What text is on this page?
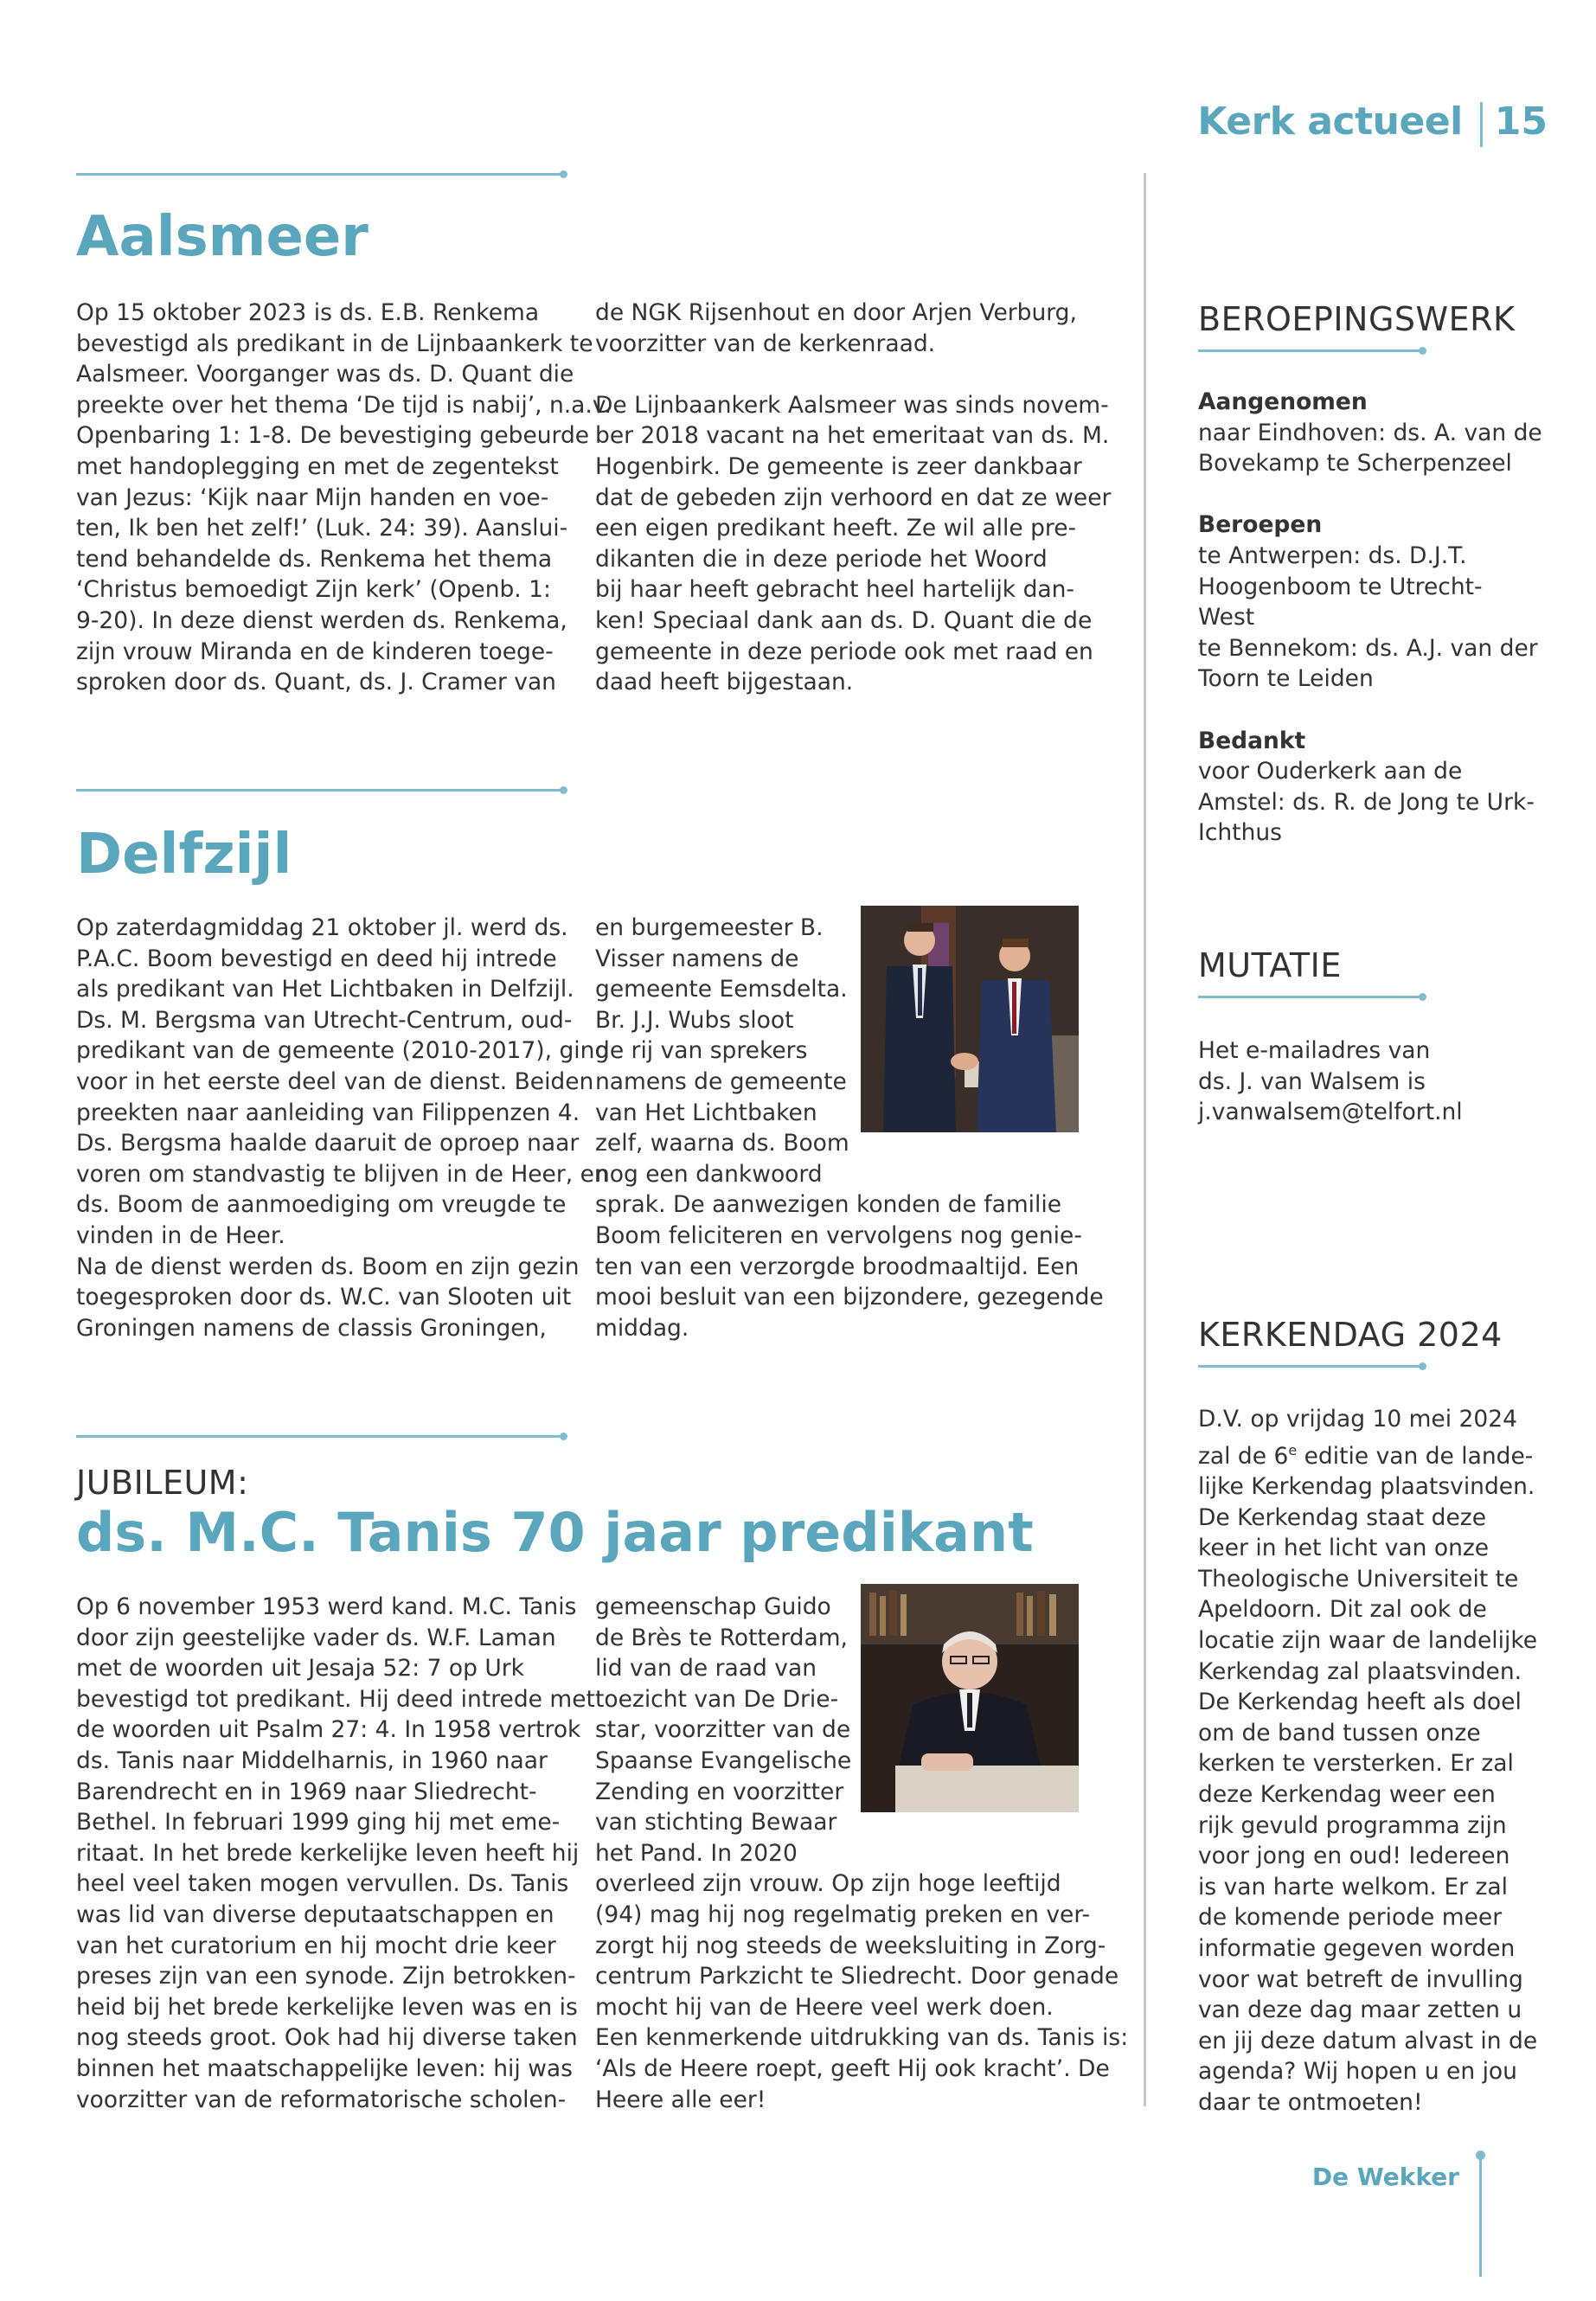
Kerk actueel 15
Aalsmeer
Op 15 oktober 2023 is ds. E.B. Renkema
bevestigd als predikant in de Lijnbaankerk te
Aalsmeer. Voorganger was ds. D. Quant die
preekte over het thema ‘De tijd is nabij’, n.a.v.
Openbaring 1: 1-8. De bevestiging gebeurde
met handoplegging en met de zegentekst
van Jezus: ‘Kijk naar Mijn handen en voe-
ten, Ik ben het zelf!’ (Luk. 24: 39). Aanslui-
tend behandelde ds. Renkema het thema
‘Christus bemoedigt Zijn kerk’ (Openb. 1:
9-20). In deze dienst werden ds. Renkema,
zijn vrouw Miranda en de kinderen toege-
sproken door ds. Quant, ds. J. Cramer van
de NGK Rijsenhout en door Arjen Verburg,
voorzitter van de kerkenraad.
De Lijnbaankerk Aalsmeer was sinds novem-
ber 2018 vacant na het emeritaat van ds. M.
Hogenbirk. De gemeente is zeer dankbaar
dat de gebeden zijn verhoord en dat ze weer
een eigen predikant heeft. Ze wil alle pre-
dikanten die in deze periode het Woord
bij haar heeft gebracht heel hartelijk dan-
ken! Speciaal dank aan ds. D. Quant die de
gemeente in deze periode ook met raad en
daad heeft bijgestaan.
Delfzijl
Op zaterdagmiddag 21 oktober jl. werd ds.
P.A.C. Boom bevestigd en deed hij intrede
als predikant van Het Lichtbaken in Delfzijl.
Ds. M. Bergsma van Utrecht-Centrum, oud-
predikant van de gemeente (2010-2017), ging
voor in het eerste deel van de dienst. Beiden
preekten naar aanleiding van Filippenzen 4.
Ds. Bergsma haalde daaruit de oproep naar
voren om standvastig te blijven in de Heer, en
ds. Boom de aanmoediging om vreugde te
vinden in de Heer.
Na de dienst werden ds. Boom en zijn gezin
toegesproken door ds. W.C. van Slooten uit
Groningen namens de classis Groningen,
en burgemeester B.
Visser namens de
gemeente Eemsdelta.
Br. J.J. Wubs sloot
de rij van sprekers
namens de gemeente
van Het Lichtbaken
zelf, waarna ds. Boom
nog een dankwoord
sprak. De aanwezigen konden de familie
Boom feliciteren en vervolgens nog genie-
ten van een verzorgde broodmaaltijd. Een
mooi besluit van een bijzondere, gezegende
middag.
JUBILEUM:
ds. M.C. Tanis 70 jaar predikant
Op 6 november 1953 werd kand. M.C. Tanis
door zijn geestelijke vader ds. W.F. Laman
met de woorden uit Jesaja 52: 7 op Urk
bevestigd tot predikant. Hij deed intrede met
de woorden uit Psalm 27: 4. In 1958 vertrok
ds. Tanis naar Middelharnis, in 1960 naar
Barendrecht en in 1969 naar Sliedrecht-
Bethel. In februari 1999 ging hij met eme-
ritaat. In het brede kerkelijke leven heeft hij
heel veel taken mogen vervullen. Ds. Tanis
was lid van diverse deputaatschappen en
van het curatorium en hij mocht drie keer
preses zijn van een synode. Zijn betrokken-
heid bij het brede kerkelijke leven was en is
nog steeds groot. Ook had hij diverse taken
binnen het maatschappelijke leven: hij was
voorzitter van de reformatorische scholen-
gemeenschap Guido
de Brès te Rotterdam,
lid van de raad van
toezicht van De Drie-
star, voorzitter van de
Spaanse Evangelische
Zending en voorzitter
van stichting Bewaar
het Pand. In 2020
overleed zijn vrouw. Op zijn hoge leeftijd
(94) mag hij nog regelmatig preken en ver-
zorgt hij nog steeds de weeksluiting in Zorg-
centrum Parkzicht te Sliedrecht. Door genade
mocht hij van de Heere veel werk doen.
Een kenmerkende uitdrukking van ds. Tanis is:
‘Als de Heere roept, geeft Hij ook kracht’. De
Heere alle eer!
BEROEPINGSWERK
Aangenomen
naar Eindhoven: ds. A. van de
Bovekamp te Scherpenzeel
Beroepen
te Antwerpen: ds. D.J.T.
Hoogenboom te Utrecht-
West
te Bennekom: ds. A.J. van der
Toorn te Leiden
Bedankt
voor Ouderkerk aan de
Amstel: ds. R. de Jong te Urk-
Ichthus
MUTATIE
Het e-mailadres van
ds. J. van Walsem is
j.vanwalsem@telfort.nl
KERKENDAG 2024
D.V. op vrijdag 10 mei 2024
zal de 6e editie van de lande-
lijke Kerkendag plaatsvinden.
De Kerkendag staat deze
keer in het licht van onze
Theologische Universiteit te
Apeldoorn. Dit zal ook de
locatie zijn waar de landelijke
Kerkendag zal plaatsvinden.
De Kerkendag heeft als doel
om de band tussen onze
kerken te versterken. Er zal
deze Kerkendag weer een
rijk gevuld programma zijn
voor jong en oud! Iedereen
is van harte welkom. Er zal
de komende periode meer
informatie gegeven worden
voor wat betreft de invulling
van deze dag maar zetten u
en jij deze datum alvast in de
agenda? Wij hopen u en jou
daar te ontmoeten!
De Wekker
